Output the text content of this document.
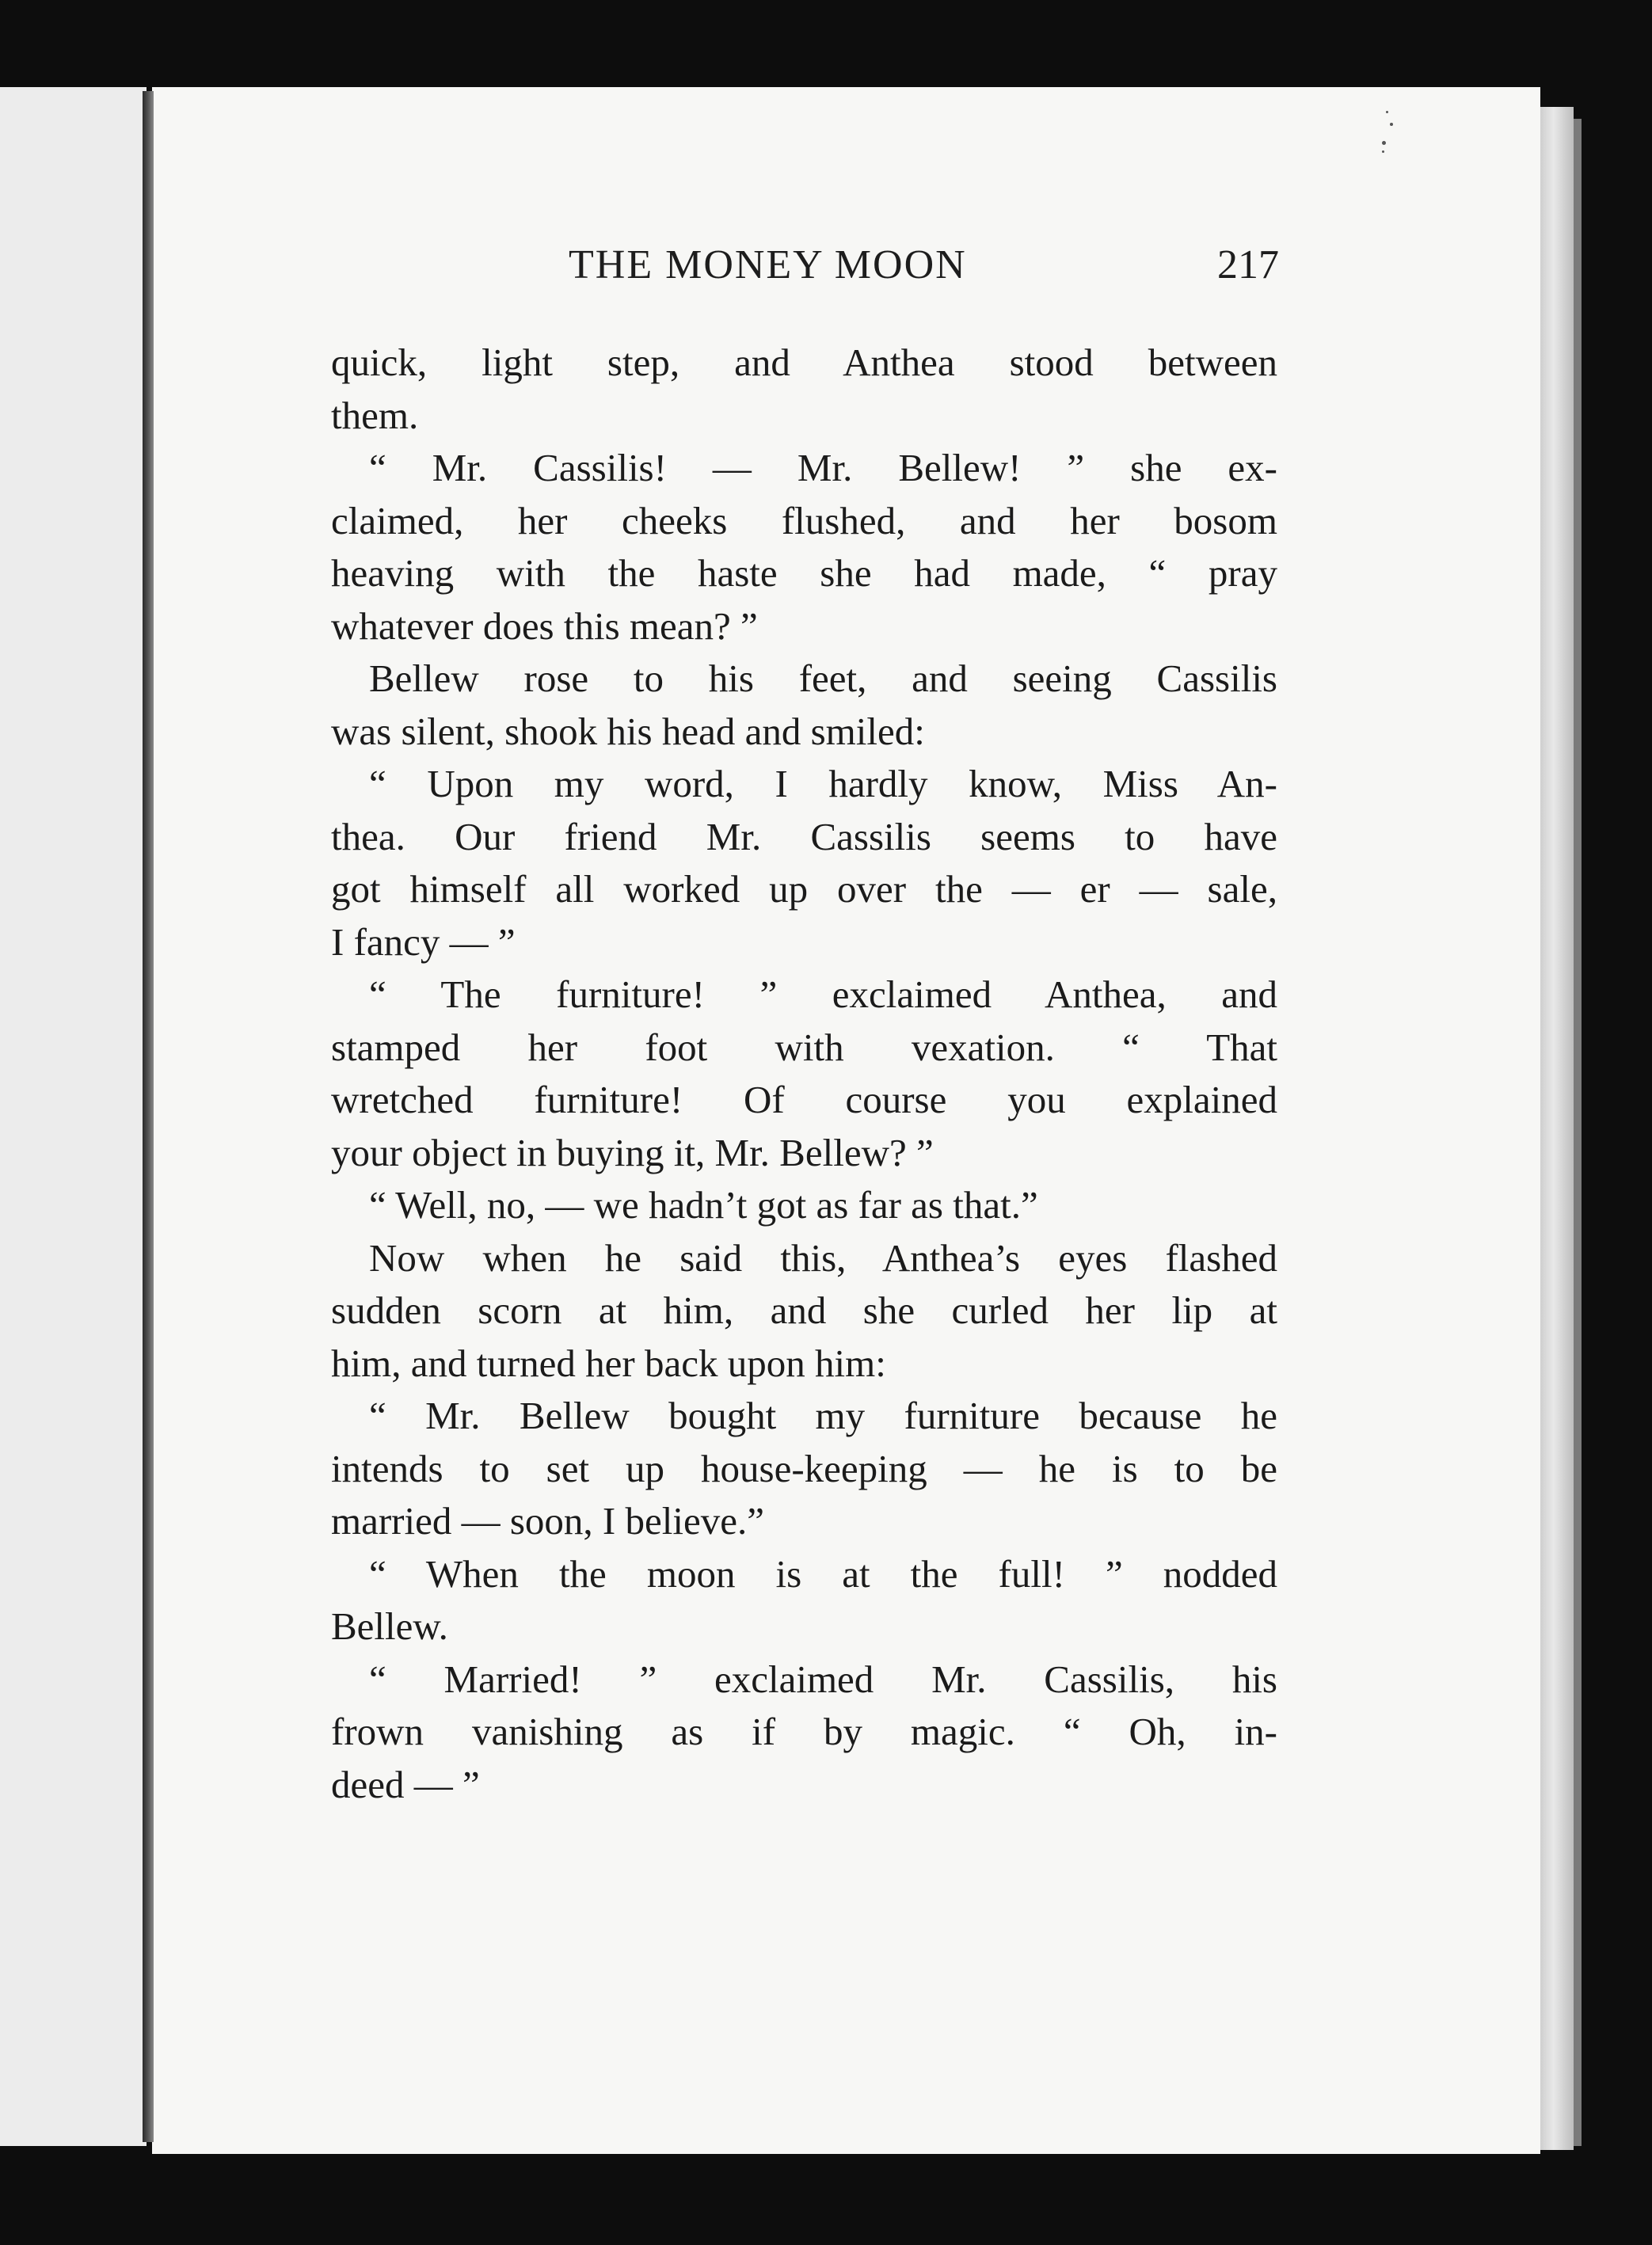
THE MONEY MOON	217
quick, light step, and Anthea stood between
them.
“ Mr. Cassilis! — Mr. Bellew! ” she ex-
claimed, her cheeks flushed, and her bosom
heaving with the haste she had made, “ pray
whatever does this mean? ”
Bellew rose to his feet, and seeing Cassilis
was silent, shook his head and smiled:
“ Upon my word, I hardly know, Miss An-
thea. Our friend Mr. Cassilis seems to have
got himself all worked up over the — er — sale,
I fancy — ”
“ The furniture! ” exclaimed Anthea, and
stamped her foot with vexation. “ That
wretched furniture! Of course you explained
your object in buying it, Mr. Bellew? ”
“ Well, no, — we hadn’t got as far as that.”
Now when he said this, Anthea’s eyes flashed
sudden scorn at him, and she curled her lip at
him, and turned her back upon him:
“ Mr. Bellew bought my furniture because he
intends to set up house-keeping — he is to be
married — soon, I believe.”
“ When the moon is at the full! ” nodded
Bellew.
“ Married! ” exclaimed Mr. Cassilis, his
frown vanishing as if by magic. “ Oh, in-
deed — ”
